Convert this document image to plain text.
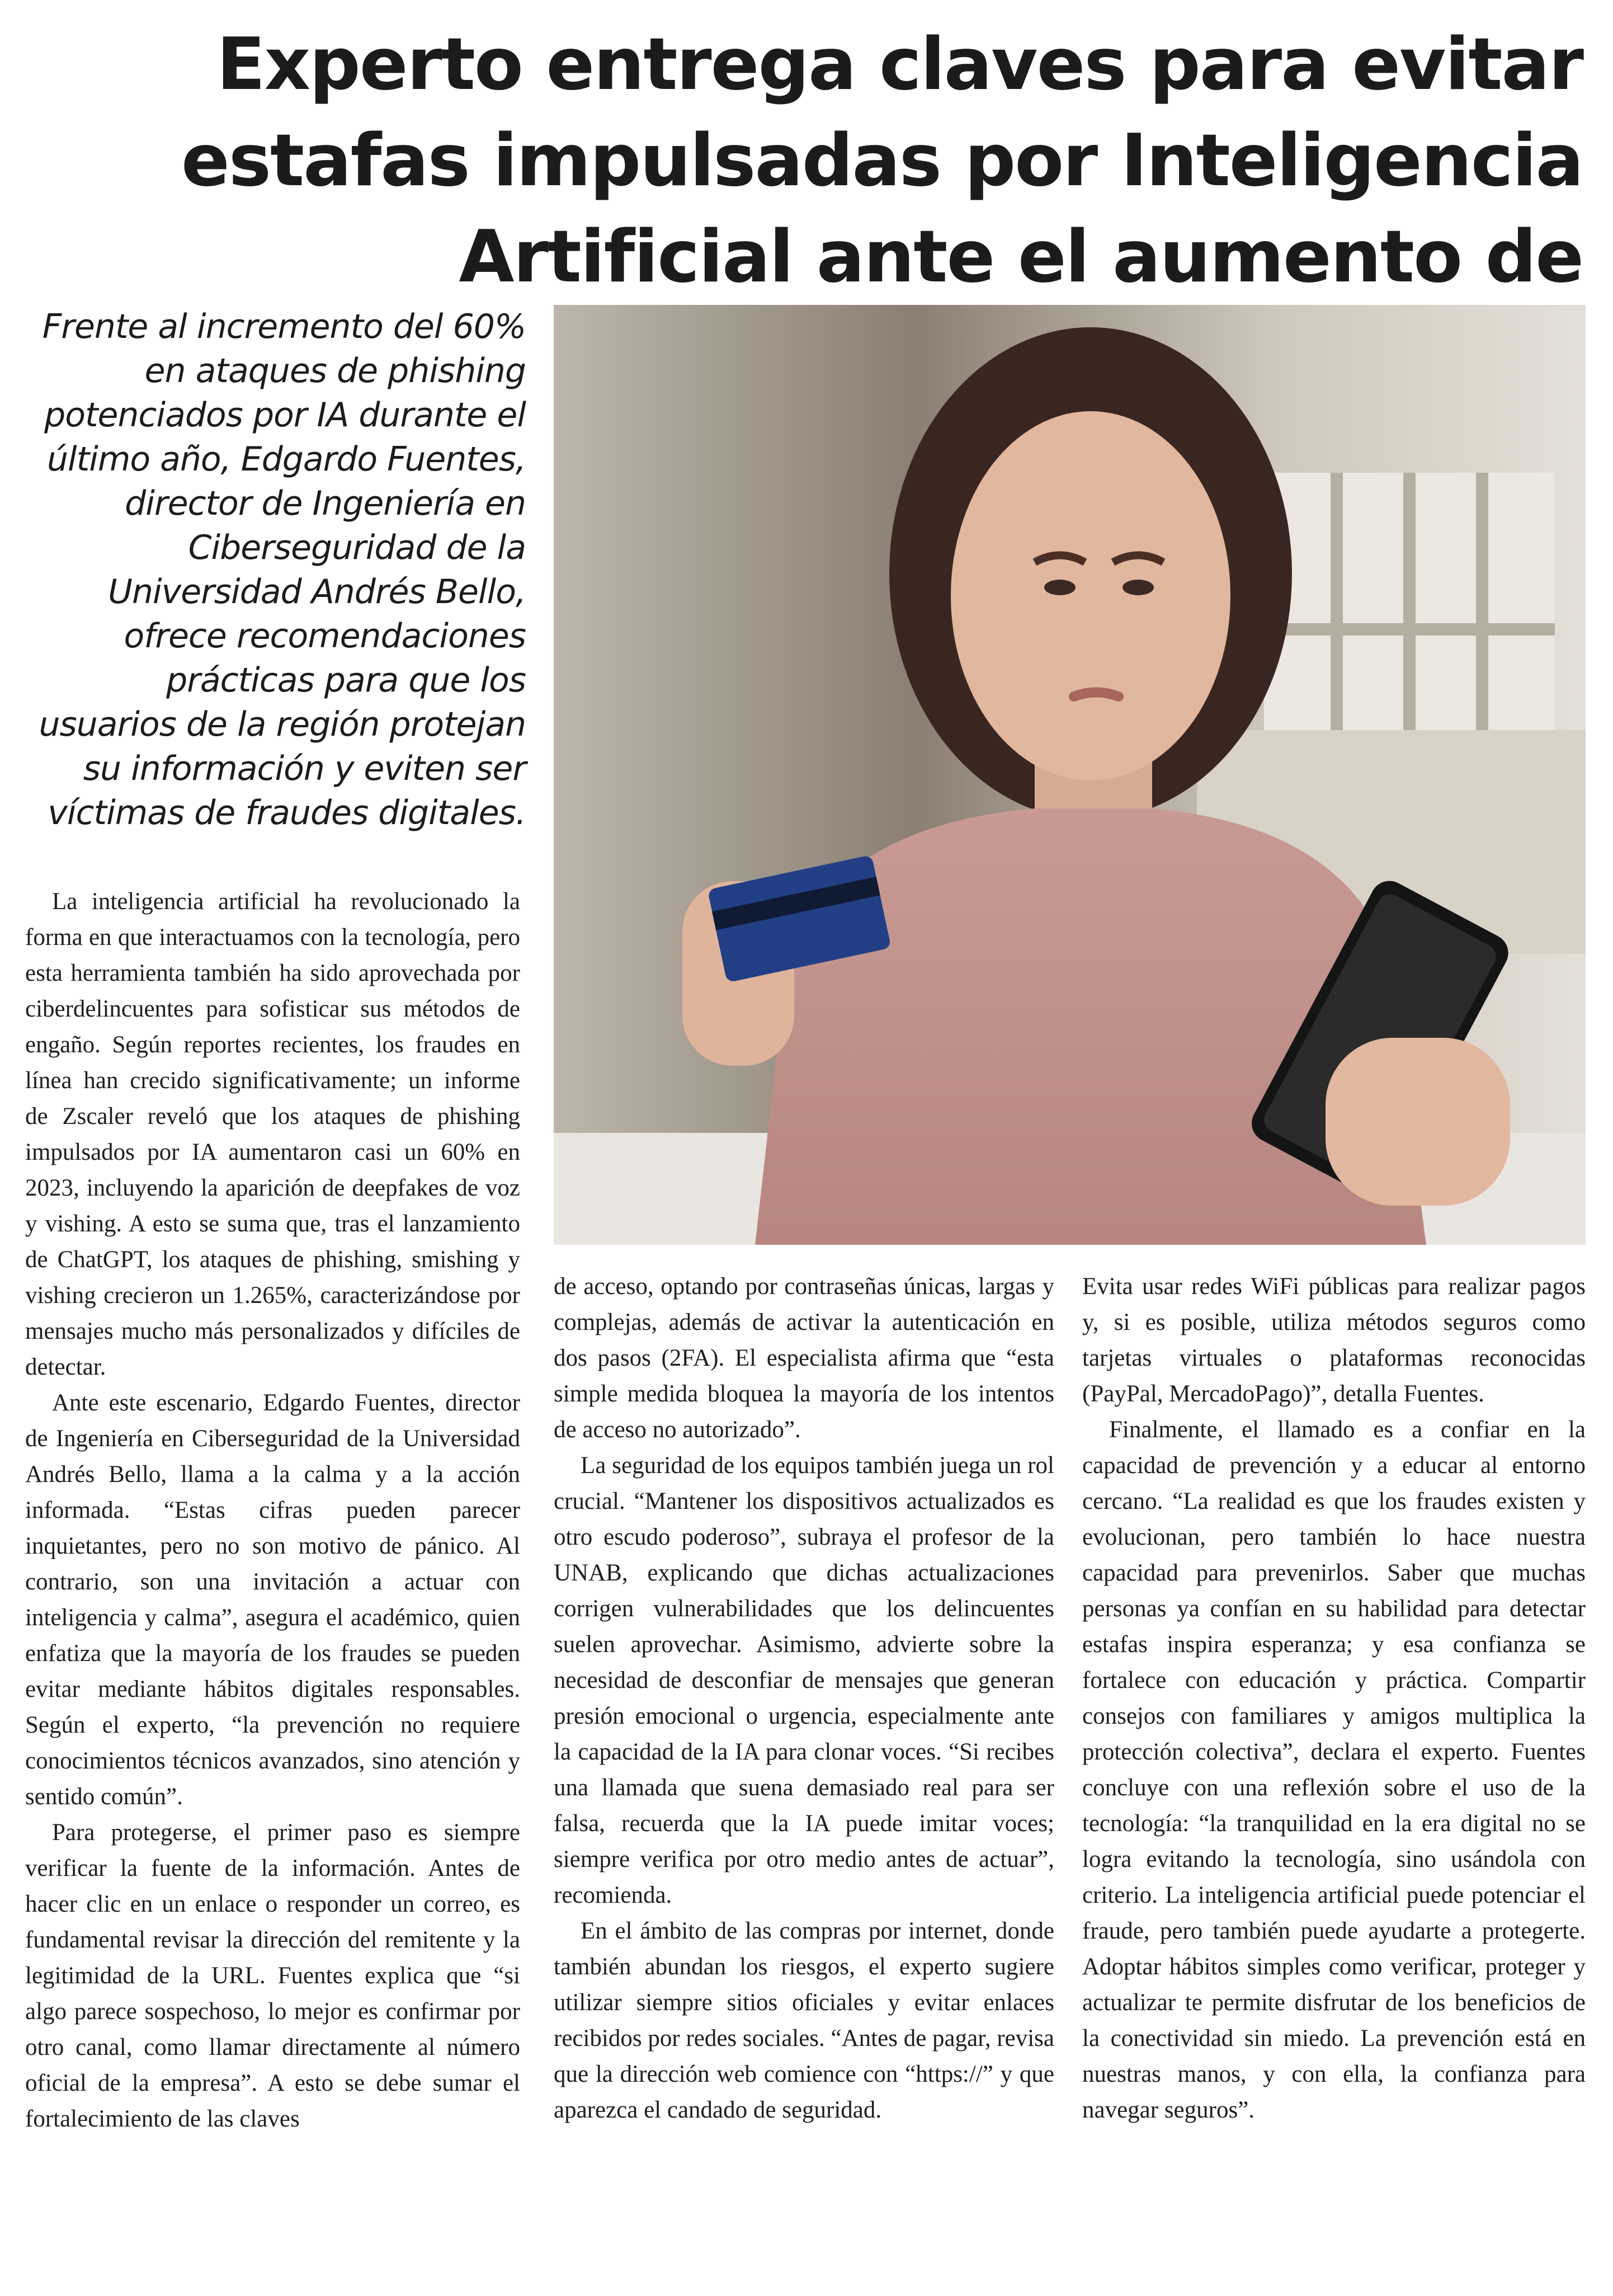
Experto entrega claves para evitar estafas impulsadas por Inteligencia Artificial ante el aumento de

Frente al incremento del 60% en ataques de phishing potenciados por IA durante el último año, Edgardo Fuentes, director de Ingeniería en Ciberseguridad de la Universidad Andrés Bello, ofrece recomendaciones prácticas para que los usuarios de la región protejan su información y eviten ser víctimas de fraudes digitales.

La inteligencia artificial ha revolucionado la forma en que interactuamos con la tecnología, pero esta herramienta también ha sido aprovechada por ciberdelincuentes para sofisticar sus métodos de engaño. Según reportes recientes, los fraudes en línea han crecido significativamente; un informe de Zscaler reveló que los ataques de phishing impulsados por IA aumentaron casi un 60% en 2023, incluyendo la aparición de deepfakes de voz y vishing. A esto se suma que, tras el lanzamiento de ChatGPT, los ataques de phishing, smishing y vishing crecieron un 1.265%, caracterizándose por mensajes mucho más personalizados y difíciles de detectar.

Ante este escenario, Edgardo Fuentes, director de Ingeniería en Ciberseguridad de la Universidad Andrés Bello, llama a la calma y a la acción informada. “Estas cifras pueden parecer inquietantes, pero no son motivo de pánico. Al contrario, son una invitación a actuar con inteligencia y calma”, asegura el académico, quien enfatiza que la mayoría de los fraudes se pueden evitar mediante hábitos digitales responsables. Según el experto, “la prevención no requiere conocimientos técnicos avanzados, sino atención y sentido común”.

Para protegerse, el primer paso es siempre verificar la fuente de la información. Antes de hacer clic en un enlace o responder un correo, es fundamental revisar la dirección del remitente y la legitimidad de la URL. Fuentes explica que “si algo parece sospechoso, lo mejor es confirmar por otro canal, como llamar directamente al número oficial de la empresa”. A esto se debe sumar el fortalecimiento de las claves

de acceso, optando por contraseñas únicas, largas y complejas, además de activar la autenticación en dos pasos (2FA). El especialista afirma que “esta simple medida bloquea la mayoría de los intentos de acceso no autorizado”.

La seguridad de los equipos también juega un rol crucial. “Mantener los dispositivos actualizados es otro escudo poderoso”, subraya el profesor de la UNAB, explicando que dichas actualizaciones corrigen vulnerabilidades que los delincuentes suelen aprovechar. Asimismo, advierte sobre la necesidad de desconfiar de mensajes que generan presión emocional o urgencia, especialmente ante la capacidad de la IA para clonar voces. “Si recibes una llamada que suena demasiado real para ser falsa, recuerda que la IA puede imitar voces; siempre verifica por otro medio antes de actuar”, recomienda.

En el ámbito de las compras por internet, donde también abundan los riesgos, el experto sugiere utilizar siempre sitios oficiales y evitar enlaces recibidos por redes sociales. “Antes de pagar, revisa que la dirección web comience con “https://” y que aparezca el candado de seguridad.

Evita usar redes WiFi públicas para realizar pagos y, si es posible, utiliza métodos seguros como tarjetas virtuales o plataformas reconocidas (PayPal, MercadoPago)”, detalla Fuentes.

Finalmente, el llamado es a confiar en la capacidad de prevención y a educar al entorno cercano. “La realidad es que los fraudes existen y evolucionan, pero también lo hace nuestra capacidad para prevenirlos. Saber que muchas personas ya confían en su habilidad para detectar estafas inspira esperanza; y esa confianza se fortalece con educación y práctica. Compartir consejos con familiares y amigos multiplica la protección colectiva”, declara el experto. Fuentes concluye con una reflexión sobre el uso de la tecnología: “la tranquilidad en la era digital no se logra evitando la tecnología, sino usándola con criterio. La inteligencia artificial puede potenciar el fraude, pero también puede ayudarte a protegerte. Adoptar hábitos simples como verificar, proteger y actualizar te permite disfrutar de los beneficios de la conectividad sin miedo. La prevención está en nuestras manos, y con ella, la confianza para navegar seguros”.
